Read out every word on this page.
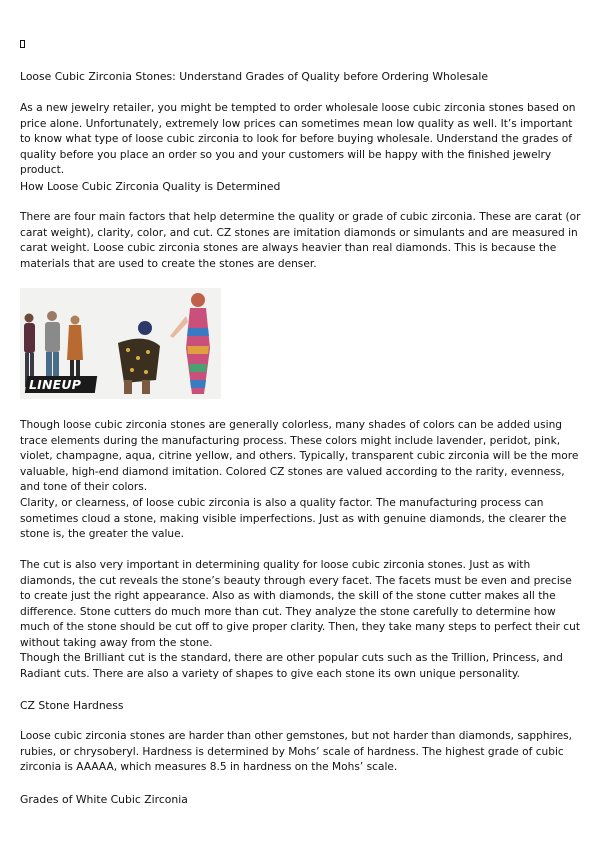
Loose Cubic Zirconia Stones: Understand Grades of Quality before Ordering Wholesale

As a new jewelry retailer, you might be tempted to order wholesale loose cubic zirconia stones based on price alone. Unfortunately, extremely low prices can sometimes mean low quality as well. It’s important to know what type of loose cubic zirconia to look for before buying wholesale. Understand the grades of quality before you place an order so you and your customers will be happy with the finished jewelry product.

How Loose Cubic Zirconia Quality is Determined

There are four main factors that help determine the quality or grade of cubic zirconia. These are carat (or carat weight), clarity, color, and cut. CZ stones are imitation diamonds or simulants and are measured in carat weight. Loose cubic zirconia stones are always heavier than real diamonds. This is because the materials that are used to create the stones are denser.

LINEUP

Though loose cubic zirconia stones are generally colorless, many shades of colors can be added using trace elements during the manufacturing process. These colors might include lavender, peridot, pink, violet, champagne, aqua, citrine yellow, and others. Typically, transparent cubic zirconia will be the more valuable, high-end diamond imitation. Colored CZ stones are valued according to the rarity, evenness, and tone of their colors.

Clarity, or clearness, of loose cubic zirconia is also a quality factor. The manufacturing process can sometimes cloud a stone, making visible imperfections. Just as with genuine diamonds, the clearer the stone is, the greater the value.

The cut is also very important in determining quality for loose cubic zirconia stones. Just as with diamonds, the cut reveals the stone’s beauty through every facet. The facets must be even and precise to create just the right appearance. Also as with diamonds, the skill of the stone cutter makes all the difference. Stone cutters do much more than cut. They analyze the stone carefully to determine how much of the stone should be cut off to give proper clarity. Then, they take many steps to perfect their cut without taking away from the stone.

Though the Brilliant cut is the standard, there are other popular cuts such as the Trillion, Princess, and Radiant cuts. There are also a variety of shapes to give each stone its own unique personality.

CZ Stone Hardness

Loose cubic zirconia stones are harder than other gemstones, but not harder than diamonds, sapphires, rubies, or chrysoberyl. Hardness is determined by Mohs’ scale of hardness. The highest grade of cubic zirconia is AAAAA, which measures 8.5 in hardness on the Mohs’ scale.

Grades of White Cubic Zirconia
